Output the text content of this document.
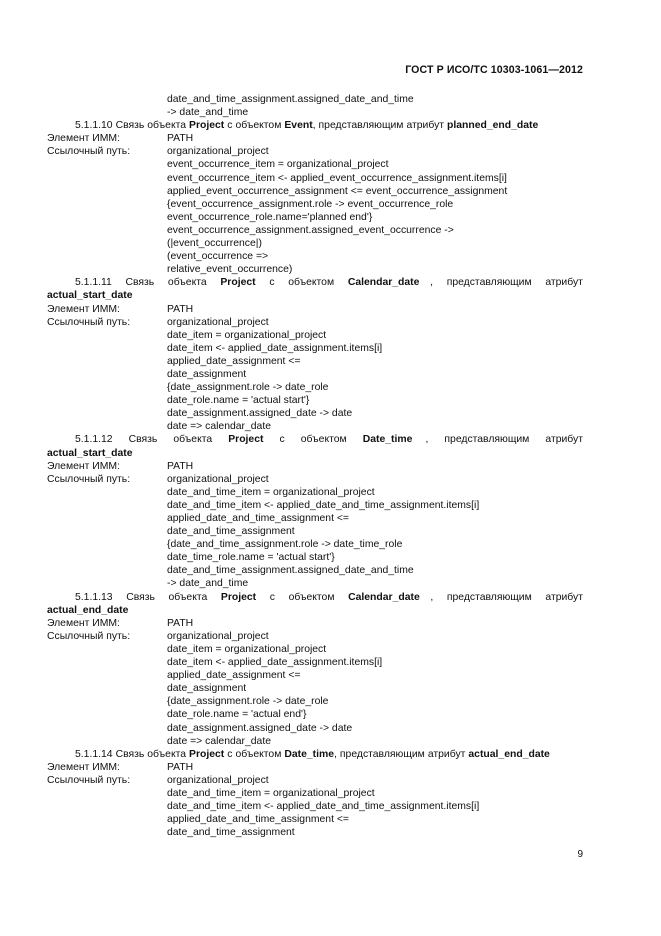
ГОСТ Р ИСО/ТС 10303-1061—2012
date_and_time_assignment.assigned_date_and_time
-> date_and_time
5.1.1.10 Связь объекта Project с объектом Event , представляющим атрибут planned_end_date
Элемент ИММ:	PATH
Ссылочный путь:	organizational_project
event_occurrence_item = organizational_project
event_occurrence_item <- applied_event_occurrence_assignment.items[i]
applied_event_occurrence_assignment <= event_occurrence_assignment
{event_occurrence_assignment.role -> event_occurrence_role
event_occurrence_role.name='planned end'}
event_occurrence_assignment.assigned_event_occurrence ->
(|event_occurrence|)
(event_occurrence =>
relative_event_occurrence)
5.1.1.11 Связь объекта Project с объектом Calendar_date , представляющим атрибут
actual_start_date
Элемент ИММ:	PATH
Ссылочный путь:	organizational_project
date_item = organizational_project
date_item <- applied_date_assignment.items[i]
applied_date_assignment <=
date_assignment
{date_assignment.role -> date_role
date_role.name = 'actual start'}
date_assignment.assigned_date -> date
date => calendar_date
5.1.1.12 Связь объекта Project с объектом Date_time , представляющим атрибут
actual_start_date
Элемент ИММ:	PATH
Ссылочный путь:	organizational_project
date_and_time_item = organizational_project
date_and_time_item <- applied_date_and_time_assignment.items[i]
applied_date_and_time_assignment <=
date_and_time_assignment
{date_and_time_assignment.role -> date_time_role
date_time_role.name = 'actual start'}
date_and_time_assignment.assigned_date_and_time
-> date_and_time
5.1.1.13 Связь объекта Project с объектом Calendar_date , представляющим атрибут
actual_end_date
Элемент ИММ:	PATH
Ссылочный путь:	organizational_project
date_item = organizational_project
date_item <- applied_date_assignment.items[i]
applied_date_assignment <=
date_assignment
{date_assignment.role -> date_role
date_role.name = 'actual end'}
date_assignment.assigned_date -> date
date => calendar_date
5.1.1.14 Связь объекта Project с объектом Date_time , представляющим атрибут actual_end_date
Элемент ИММ:	PATH
Ссылочный путь:	organizational_project
date_and_time_item = organizational_project
date_and_time_item <- applied_date_and_time_assignment.items[i]
applied_date_and_time_assignment <=
date_and_time_assignment
9
